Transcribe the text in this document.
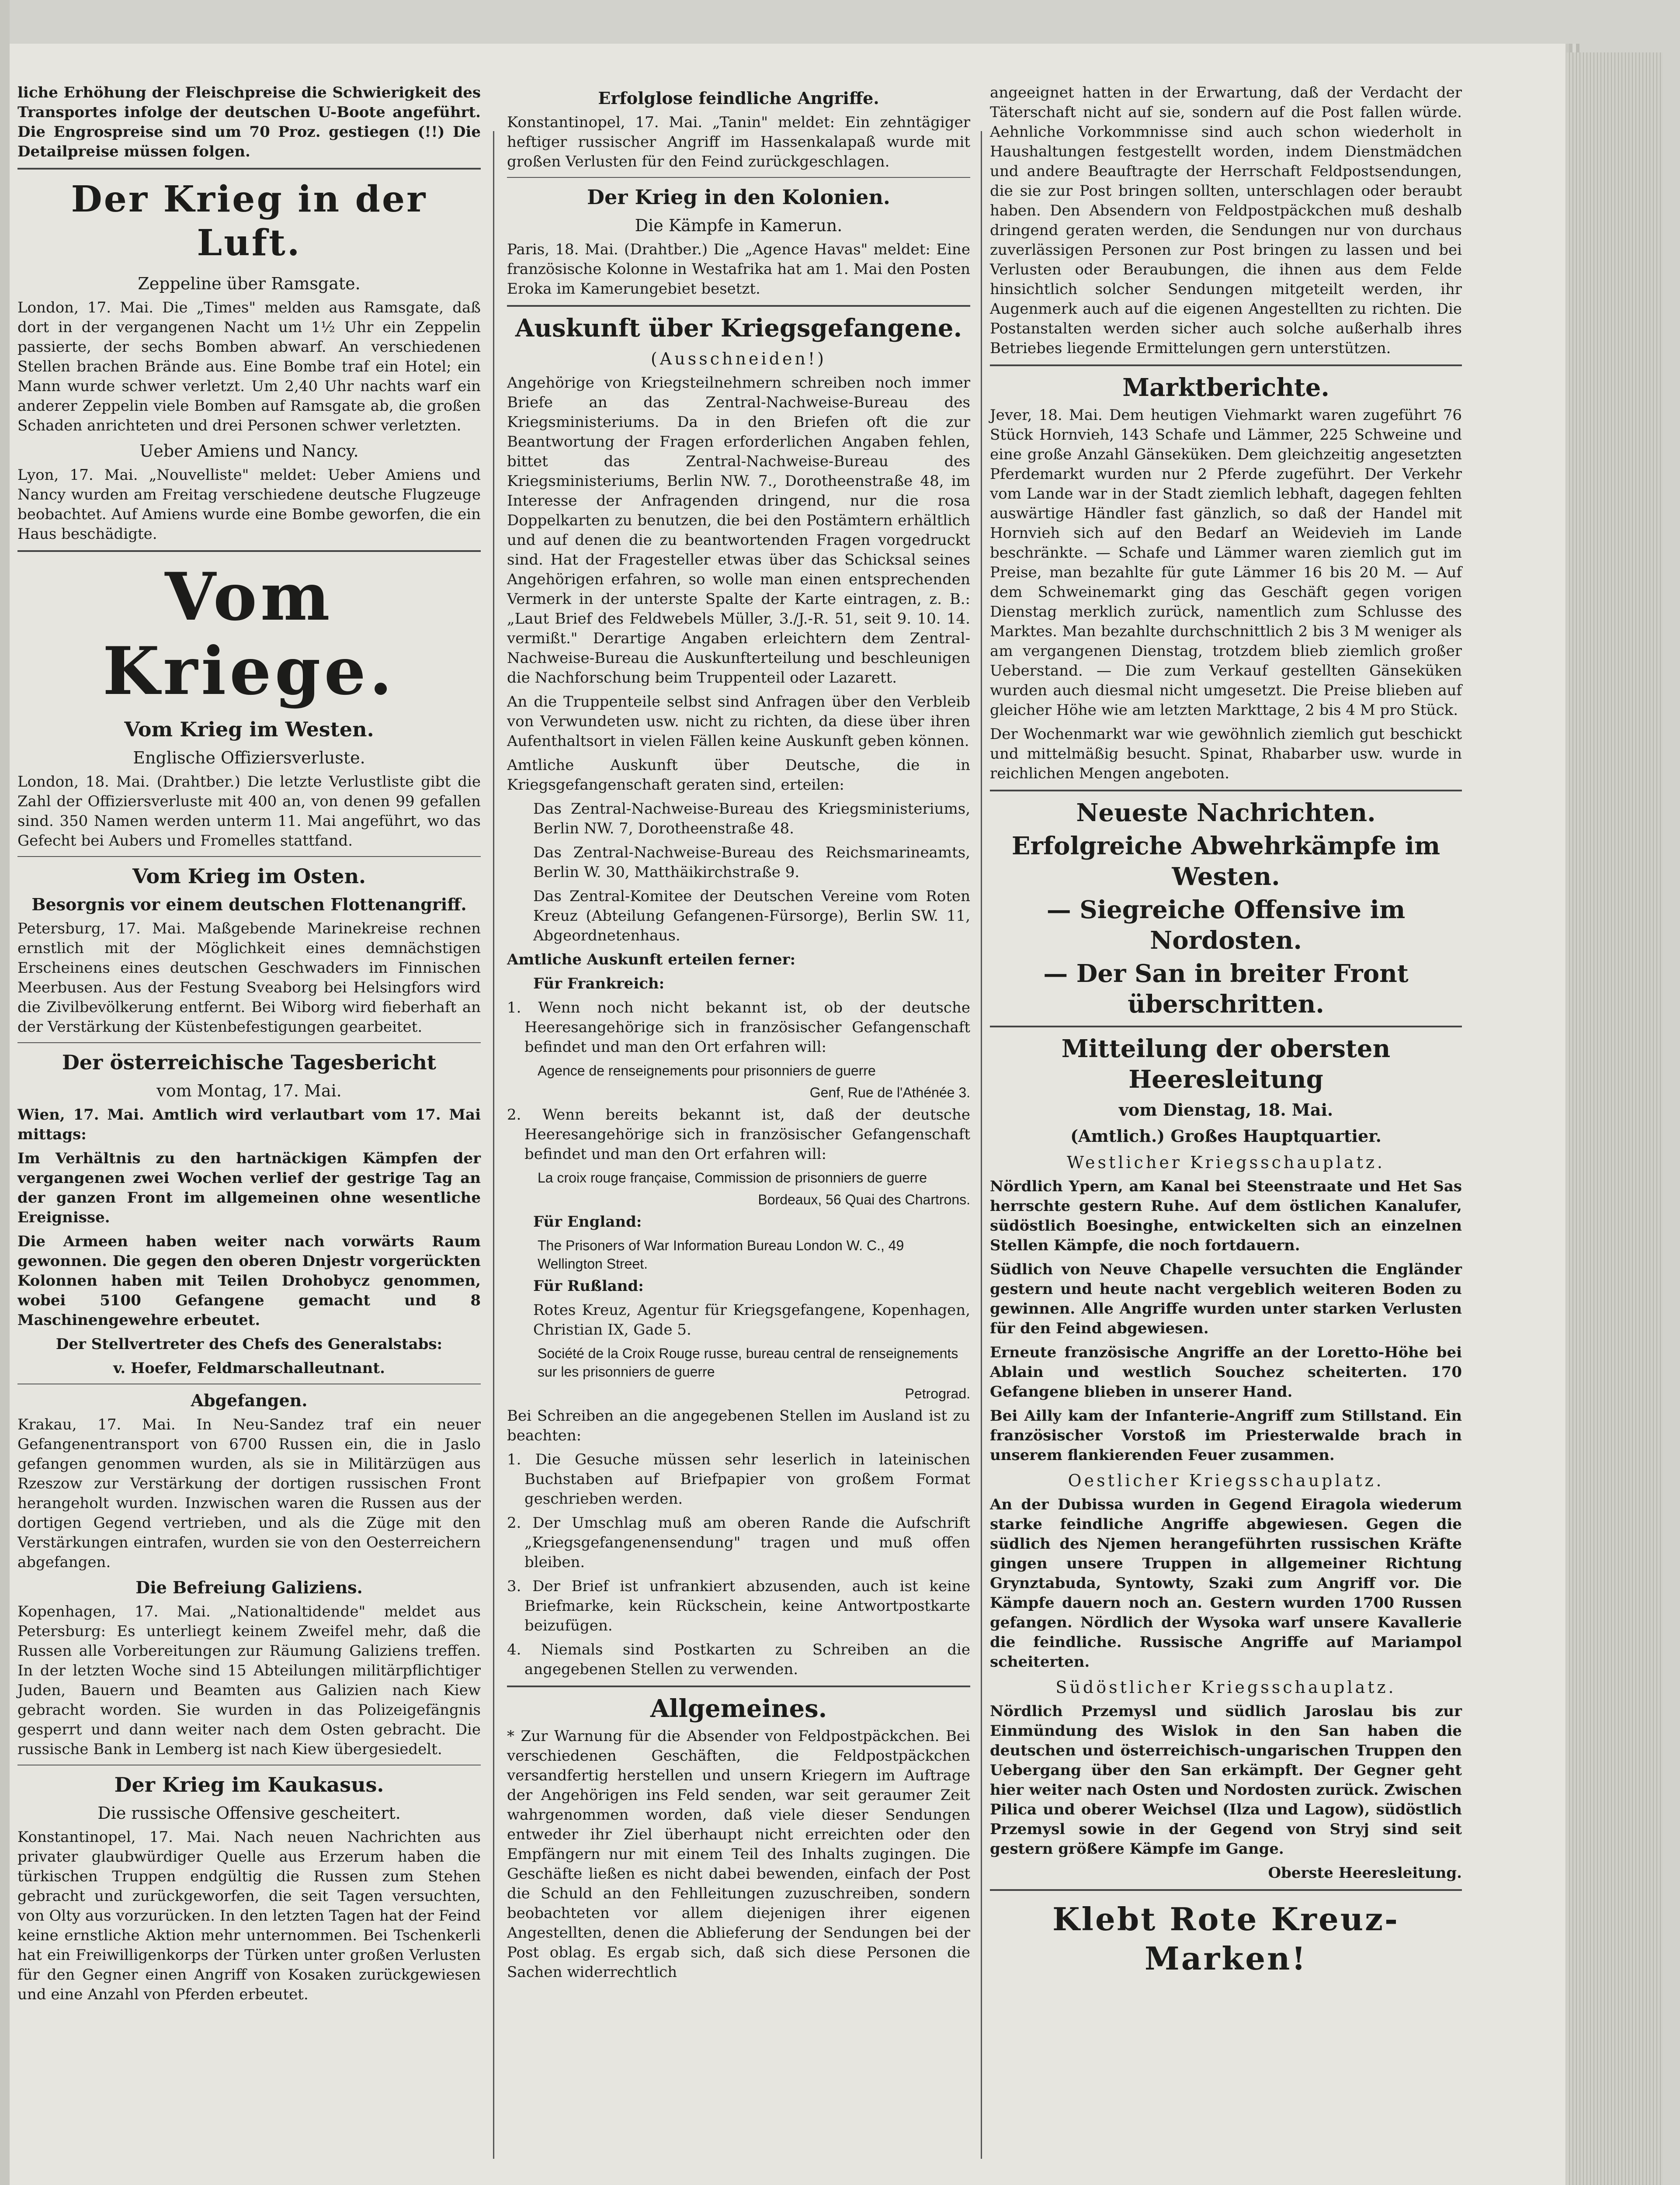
liche Erhöhung der Fleischpreise die Schwierigkeit des Transportes infolge der deutschen U-Boote angeführt. Die Engrospreise sind um 70 Proz. gestiegen (!!) Die Detailpreise müssen folgen.

Der Krieg in der Luft.
Zeppeline über Ramsgate.

London, 17. Mai. Die „Times" melden aus Ramsgate, daß dort in der vergangenen Nacht um 1½ Uhr ein Zeppelin passierte, der sechs Bomben abwarf. An verschiedenen Stellen brachen Brände aus. Eine Bombe traf ein Hotel; ein Mann wurde schwer verletzt. Um 2,40 Uhr nachts warf ein anderer Zeppelin viele Bomben auf Ramsgate ab, die großen Schaden anrichteten und drei Personen schwer verletzten.

Ueber Amiens und Nancy.

Lyon, 17. Mai. „Nouvelliste" meldet: Ueber Amiens und Nancy wurden am Freitag verschiedene deutsche Flugzeuge beobachtet. Auf Amiens wurde eine Bombe geworfen, die ein Haus beschädigte.

Vom Kriege.
Vom Krieg im Westen.
Englische Offiziersverluste.

London, 18. Mai. (Drahtber.) Die letzte Verlustliste gibt die Zahl der Offiziersverluste mit 400 an, von denen 99 gefallen sind. 350 Namen werden unterm 11. Mai angeführt, wo das Gefecht bei Aubers und Fromelles stattfand.

Vom Krieg im Osten.
Besorgnis vor einem deutschen Flottenangriff.

Petersburg, 17. Mai. Maßgebende Marinekreise rechnen ernstlich mit der Möglichkeit eines demnächstigen Erscheinens eines deutschen Geschwaders im Finnischen Meerbusen. Aus der Festung Sveaborg bei Helsingfors wird die Zivilbevölkerung entfernt. Bei Wiborg wird fieberhaft an der Verstärkung der Küstenbefestigungen gearbeitet.

Der österreichische Tagesbericht
vom Montag, 17. Mai.

Wien, 17. Mai. Amtlich wird verlautbart vom 17. Mai mittags:

Im Verhältnis zu den hartnäckigen Kämpfen der vergangenen zwei Wochen verlief der gestrige Tag an der ganzen Front im allgemeinen ohne wesentliche Ereignisse.

Die Armeen haben weiter nach vorwärts Raum gewonnen. Die gegen den oberen Dnjestr vorgerückten Kolonnen haben mit Teilen Drohobycz genommen, wobei 5100 Gefangene gemacht und 8 Maschinengewehre erbeutet.

Der Stellvertreter des Chefs des Generalstabs:

v. Hoefer, Feldmarschalleutnant.

Abgefangen.

Krakau, 17. Mai. In Neu-Sandez traf ein neuer Gefangenentransport von 6700 Russen ein, die in Jaslo gefangen genommen wurden, als sie in Militärzügen aus Rzeszow zur Verstärkung der dortigen russischen Front herangeholt wurden. Inzwischen waren die Russen aus der dortigen Gegend vertrieben, und als die Züge mit den Verstärkungen eintrafen, wurden sie von den Oesterreichern abgefangen.

Die Befreiung Galiziens.

Kopenhagen, 17. Mai. „Nationaltidende" meldet aus Petersburg: Es unterliegt keinem Zweifel mehr, daß die Russen alle Vorbereitungen zur Räumung Galiziens treffen. In der letzten Woche sind 15 Abteilungen militärpflichtiger Juden, Bauern und Beamten aus Galizien nach Kiew gebracht worden. Sie wurden in das Polizeigefängnis gesperrt und dann weiter nach dem Osten gebracht. Die russische Bank in Lemberg ist nach Kiew übergesiedelt.

Der Krieg im Kaukasus.
Die russische Offensive gescheitert.

Konstantinopel, 17. Mai. Nach neuen Nachrichten aus privater glaubwürdiger Quelle aus Erzerum haben die türkischen Truppen endgültig die Russen zum Stehen gebracht und zurückgeworfen, die seit Tagen versuchten, von Olty aus vorzurücken. In den letzten Tagen hat der Feind keine ernstliche Aktion mehr unternommen. Bei Tschenkerli hat ein Freiwilligenkorps der Türken unter großen Verlusten für den Gegner einen Angriff von Kosaken zurückgewiesen und eine Anzahl von Pferden erbeutet.

Erfolglose feindliche Angriffe.

Konstantinopel, 17. Mai. „Tanin" meldet: Ein zehntägiger heftiger russischer Angriff im Hassenkalapaß wurde mit großen Verlusten für den Feind zurückgeschlagen.

Der Krieg in den Kolonien.
Die Kämpfe in Kamerun.

Paris, 18. Mai. (Drahtber.) Die „Agence Havas" meldet: Eine französische Kolonne in Westafrika hat am 1. Mai den Posten Eroka im Kamerungebiet besetzt.

Auskunft über Kriegsgefangene.
(Ausschneiden!)

Angehörige von Kriegsteilnehmern schreiben noch immer Briefe an das Zentral-Nachweise-Bureau des Kriegsministeriums. Da in den Briefen oft die zur Beantwortung der Fragen erforderlichen Angaben fehlen, bittet das Zentral-Nachweise-Bureau des Kriegsministeriums, Berlin NW. 7., Dorotheenstraße 48, im Interesse der Anfragenden dringend, nur die rosa Doppelkarten zu benutzen, die bei den Postämtern erhältlich und auf denen die zu beantwortenden Fragen vorgedruckt sind. Hat der Fragesteller etwas über das Schicksal seines Angehörigen erfahren, so wolle man einen entsprechenden Vermerk in der unterste Spalte der Karte eintragen, z. B.: „Laut Brief des Feldwebels Müller, 3./J.-R. 51, seit 9. 10. 14. vermißt." Derartige Angaben erleichtern dem Zentral-Nachweise-Bureau die Auskunfterteilung und beschleunigen die Nachforschung beim Truppenteil oder Lazarett.

An die Truppenteile selbst sind Anfragen über den Verbleib von Verwundeten usw. nicht zu richten, da diese über ihren Aufenthaltsort in vielen Fällen keine Auskunft geben können.

Amtliche Auskunft über Deutsche, die in Kriegsgefangenschaft geraten sind, erteilen:

Das Zentral-Nachweise-Bureau des Kriegsministeriums, Berlin NW. 7, Dorotheenstraße 48.

Das Zentral-Nachweise-Bureau des Reichsmarineamts, Berlin W. 30, Matthäikirchstraße 9.

Das Zentral-Komitee der Deutschen Vereine vom Roten Kreuz (Abteilung Gefangenen-Fürsorge), Berlin SW. 11, Abgeordnetenhaus.

Amtliche Auskunft erteilen ferner:

Für Frankreich:

1. Wenn noch nicht bekannt ist, ob der deutsche Heeresangehörige sich in französischer Gefangenschaft befindet und man den Ort erfahren will:

Agence de renseignements pour prisonniers de guerre
Genf, Rue de l'Athénée 3.

2. Wenn bereits bekannt ist, daß der deutsche Heeresangehörige sich in französischer Gefangenschaft befindet und man den Ort erfahren will:

La croix rouge française, Commission de prisonniers de guerre
Bordeaux, 56 Quai des Chartrons.

Für England:

The Prisoners of War Information Bureau London W. C., 49 Wellington Street.

Für Rußland:

Rotes Kreuz, Agentur für Kriegsgefangene, Kopenhagen, Christian IX, Gade 5.

Société de la Croix Rouge russe, bureau central de renseignements sur les prisonniers de guerre
Petrograd.

Bei Schreiben an die angegebenen Stellen im Ausland ist zu beachten:

1. Die Gesuche müssen sehr leserlich in lateinischen Buchstaben auf Briefpapier von großem Format geschrieben werden.

2. Der Umschlag muß am oberen Rande die Aufschrift „Kriegsgefangenensendung" tragen und muß offen bleiben.

3. Der Brief ist unfrankiert abzusenden, auch ist keine Briefmarke, kein Rückschein, keine Antwortpostkarte beizufügen.

4. Niemals sind Postkarten zu Schreiben an die angegebenen Stellen zu verwenden.

Allgemeines.

* Zur Warnung für die Absender von Feldpostpäckchen. Bei verschiedenen Geschäften, die Feldpostpäckchen versandfertig herstellen und unsern Kriegern im Auftrage der Angehörigen ins Feld senden, war seit geraumer Zeit wahrgenommen worden, daß viele dieser Sendungen entweder ihr Ziel überhaupt nicht erreichten oder den Empfängern nur mit einem Teil des Inhalts zugingen. Die Geschäfte ließen es nicht dabei bewenden, einfach der Post die Schuld an den Fehlleitungen zuzuschreiben, sondern beobachteten vor allem diejenigen ihrer eigenen Angestellten, denen die Ablieferung der Sendungen bei der Post oblag. Es ergab sich, daß sich diese Personen die Sachen widerrechtlich

angeeignet hatten in der Erwartung, daß der Verdacht der Täterschaft nicht auf sie, sondern auf die Post fallen würde. Aehnliche Vorkommnisse sind auch schon wiederholt in Haushaltungen festgestellt worden, indem Dienstmädchen und andere Beauftragte der Herrschaft Feldpostsendungen, die sie zur Post bringen sollten, unterschlagen oder beraubt haben. Den Absendern von Feldpostpäckchen muß deshalb dringend geraten werden, die Sendungen nur von durchaus zuverlässigen Personen zur Post bringen zu lassen und bei Verlusten oder Beraubungen, die ihnen aus dem Felde hinsichtlich solcher Sendungen mitgeteilt werden, ihr Augenmerk auch auf die eigenen Angestellten zu richten. Die Postanstalten werden sicher auch solche außerhalb ihres Betriebes liegende Ermittelungen gern unterstützen.

Marktberichte.

Jever, 18. Mai. Dem heutigen Viehmarkt waren zugeführt 76 Stück Hornvieh, 143 Schafe und Lämmer, 225 Schweine und eine große Anzahl Gänseküken. Dem gleichzeitig angesetzten Pferdemarkt wurden nur 2 Pferde zugeführt. Der Verkehr vom Lande war in der Stadt ziemlich lebhaft, dagegen fehlten auswärtige Händler fast gänzlich, so daß der Handel mit Hornvieh sich auf den Bedarf an Weidevieh im Lande beschränkte. — Schafe und Lämmer waren ziemlich gut im Preise, man bezahlte für gute Lämmer 16 bis 20 M. — Auf dem Schweinemarkt ging das Geschäft gegen vorigen Dienstag merklich zurück, namentlich zum Schlusse des Marktes. Man bezahlte durchschnittlich 2 bis 3 M weniger als am vergangenen Dienstag, trotzdem blieb ziemlich großer Ueberstand. — Die zum Verkauf gestellten Gänseküken wurden auch diesmal nicht umgesetzt. Die Preise blieben auf gleicher Höhe wie am letzten Markttage, 2 bis 4 M pro Stück.

Der Wochenmarkt war wie gewöhnlich ziemlich gut beschickt und mittelmäßig besucht. Spinat, Rhabarber usw. wurde in reichlichen Mengen angeboten.

Neueste Nachrichten.
Erfolgreiche Abwehrkämpfe im Westen.
— Siegreiche Offensive im Nordosten.
— Der San in breiter Front überschritten.
Mitteilung der obersten Heeresleitung
vom Dienstag, 18. Mai.
(Amtlich.) Großes Hauptquartier.
Westlicher Kriegsschauplatz.

Nördlich Ypern, am Kanal bei Steenstraate und Het Sas herrschte gestern Ruhe. Auf dem östlichen Kanalufer, südöstlich Boesinghe, entwickelten sich an einzelnen Stellen Kämpfe, die noch fortdauern.

Südlich von Neuve Chapelle versuchten die Engländer gestern und heute nacht vergeblich weiteren Boden zu gewinnen. Alle Angriffe wurden unter starken Verlusten für den Feind abgewiesen.

Erneute französische Angriffe an der Loretto-Höhe bei Ablain und westlich Souchez scheiterten. 170 Gefangene blieben in unserer Hand.

Bei Ailly kam der Infanterie-Angriff zum Stillstand. Ein französischer Vorstoß im Priesterwalde brach in unserem flankierenden Feuer zusammen.

Oestlicher Kriegsschauplatz.

An der Dubissa wurden in Gegend Eiragola wiederum starke feindliche Angriffe abgewiesen. Gegen die südlich des Njemen herangeführten russischen Kräfte gingen unsere Truppen in allgemeiner Richtung Grynztabuda, Syntowty, Szaki zum Angriff vor. Die Kämpfe dauern noch an. Gestern wurden 1700 Russen gefangen. Nördlich der Wysoka warf unsere Kavallerie die feindliche. Russische Angriffe auf Mariampol scheiterten.

Südöstlicher Kriegsschauplatz.

Nördlich Przemysl und südlich Jaroslau bis zur Einmündung des Wislok in den San haben die deutschen und österreichisch-ungarischen Truppen den Uebergang über den San erkämpft. Der Gegner geht hier weiter nach Osten und Nordosten zurück. Zwischen Pilica und oberer Weichsel (Ilza und Lagow), südöstlich Przemysl sowie in der Gegend von Stryj sind seit gestern größere Kämpfe im Gange.

Oberste Heeresleitung.

Klebt Rote Kreuz-Marken!
